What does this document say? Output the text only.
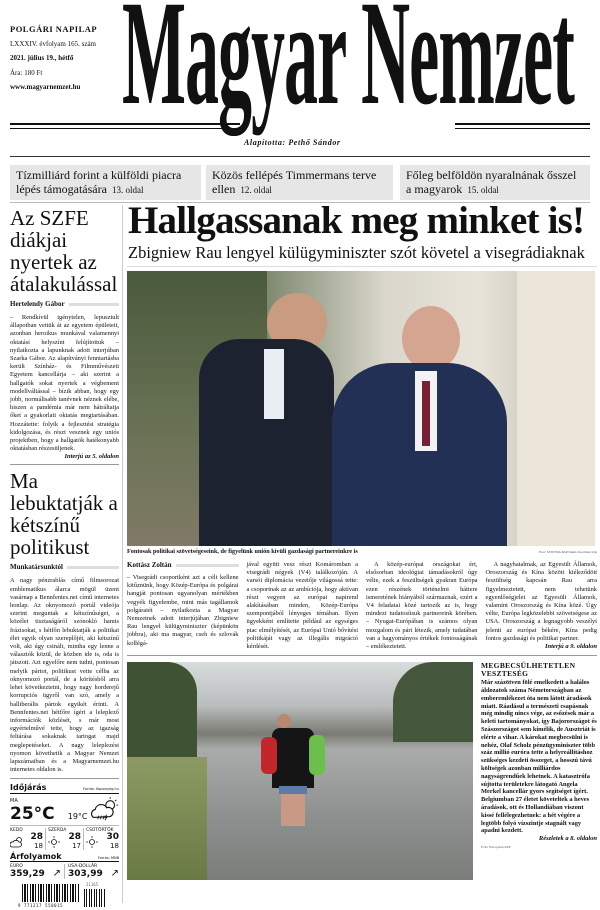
POLGÁRI NAPILAP
LXXXIV. évfolyam 165. szám
2021. július 19., hétfő
Ára: 180 Ft
www.magyarnemzet.hu Magyar Nemzet
Alapította: Pethő Sándor
Tízmilliárd forint a külföldi piacra lépés támogatására 13. oldal
Közös fellépés Timmermans terve ellen 12. oldal
Főleg belföldön nyaralnának ősszel a magyarok 15. oldal
Az SZFE diákjai nyertek az átalakulással
Hertelendy Gábor
– Rendkívül igénytelen, lepusztult állapotban vettük át az egyetem épületeit, azonban heroikus munkával valamennyi oktatási helyszínt felújítottuk – nyilatkozta a lapunknak adott interjúban Szarka Gábor. Az alapítványi fenntartásba került Színház- és Filmművészeti Egyetem kancellárja – aki szerint a hallgatók sokat nyertek a végbement modellváltással – bízik abban, hogy egy jobb, normálisabb tanévnek néznek elébe, hiszen a pandémia már nem hátráltatja őket a gyakorlati oktatás megtartásában. Hozzátette: folyik a fejlesztési stratégia kidolgozása, és részt vesznek egy uniós projektben, hogy a hallgatók hatékonyabb oktatásban részesüljenek.
Interjú az 5. oldalon
Ma lebuktatják a kétszínű politikust
Munkatársunktól
A nagy pénzrablás című filmsorozat emblematikus álarca mögül üzent vasárnap a Bennfentes.net című internetes honlap. Az oknyomozó portál videója szerint meguntak a kétszínűséget, a közélet tisztaságáról szónokló hamis frázisokat, s hétfőn lebuktatják a politikai élet egyik olyan szereplőjét, aki kétszínű volt, aki úgy csinált, mintha egy lenne a választók közül, de közben ide is, oda is játszott. Azt egyelőre nem tudni, pontosan melyik pártot, politikust vette célba az oknyomozó portál, de a körítésből arra lehet következtetni, hogy nagy horderejű korrupciós ügyről van szó, amely a balliberális pártok egyikét érinti. A Bennfentes.net hétfőre ígéri a leleplező információk közlését, s már most egyértelművé tette, hogy az igazság feltárása sokaknak tartogat majd meglepetéseket. A nagy leleplezést nyomon követhetik a Magyar Nemzet lapszámaiban és a Magyarnemzet.hu internetes oldalon is.
Időjárás	Forrás: Koponyeg.hu
MA
25°C 19°C
KEDD
28
18
SZERDA
28
17
CSÜTÖRTÖK
30
18
Árfolyamok	Forrás: MNB
EURÓ
359,29 ↗
USA-DOLLÁR
303,99 ↗
9 771217 550015
21165
Hallgassanak meg minket is!
Zbigniew Rau lengyel külügyminiszter szót követel a visegrádiaknak
Fontosak politikai szövetségeseink, de figyelünk unión kívüli gazdasági partnereinkre is	Fotó: MTI/EPA/PAP/Jakub Kaczmarczyk
Kottász Zoltán
– Visegrádi csoportként azt a célt kellene kitűznünk, hogy Közép-Európa és polgárai hangját pontosan ugyanolyan mértékben vegyék figyelembe, mint más tagállamok polgáraiét – nyilatkozta a Magyar Nemzetnek adott interjújában Zbigniew Rau lengyel külügyminiszter (képünkön jobbra), aki ma magyar, cseh és szlovák kollégá-
jával együtt vesz részt Komáromban a visegrádi négyek (V4) találkozóján. A varsói diplomácia vezetője világossá tette: a csoportnak az az ambíciója, hogy aktívan részt vegyen az európai napirend alakításában minden, Közép-Európa szempontjából lényeges témában. Ilyen ügyekként említette például az egységes piac elmélyítését, az Európai Unió bővítési politikáját vagy az illegális migráció kérdését.
A közép-európai országokat ért, elsősorban ideológiai támadásokról úgy vélte, ezek a feszültségek gyakran Európa ezen részének történelmi háttere ismeretének hiányából származnak, ezért a V4 feladatai közé tartozik az is, hogy mindezt tudatosítsuk partnereink körében. – Nyugat-Európában is számos olyan mozgalom és párt létezik, amely tudatában van a hagyományos értékek fontosságának – emlékeztetett.
A nagyhatalmak, az Egyesült Államok, Oroszország és Kína között kiéleződött feszültség kapcsán Rau arra figyelmeztetett, nem tehetünk egyenlőségjelet az Egyesült Államok, valamint Oroszország és Kína közé. Úgy vélte, Európa legközelebbi szövetségese az USA. Oroszország a legnagyobb veszélyt jelenti az európai békére, Kína pedig fontos gazdasági és politikai partner.
Interjú a 9. oldalon
MEGBECSÜLHETETLEN VESZTESÉG
Már százötven fölé emelkedett a halálos áldozatok száma Németországban az emberemlékezet óta nem látott áradások miatt. Ráadásul a természeti csapásnak még mindig nincs vége, az esőzések már a keleti tartományokat, így Bajorországot és Szászországot sem kímélik, de Ausztriát is elérte a vihar. A károkat megbecsülni is nehéz, Olaf Scholz pénzügyminiszter több száz millió euróra tette a helyreállításhoz szükséges kezdeti összeget, a hosszú távú költségek azonban milliárdos nagyságrendűek lehetnek. A katasztrófa sújtotta területekre látogató Angela Merkel kancellár gyors segítséget ígért. Belgiumban 27 életet követeltek a heves áradások, ott és Hollandiában viszont kissé fellélegezhetnek: a hét végére a legtöbb folyó vízszintje stagnált vagy apadni kezdett.
Részletek a 8. oldalon
Fotó: Europress/AFP
